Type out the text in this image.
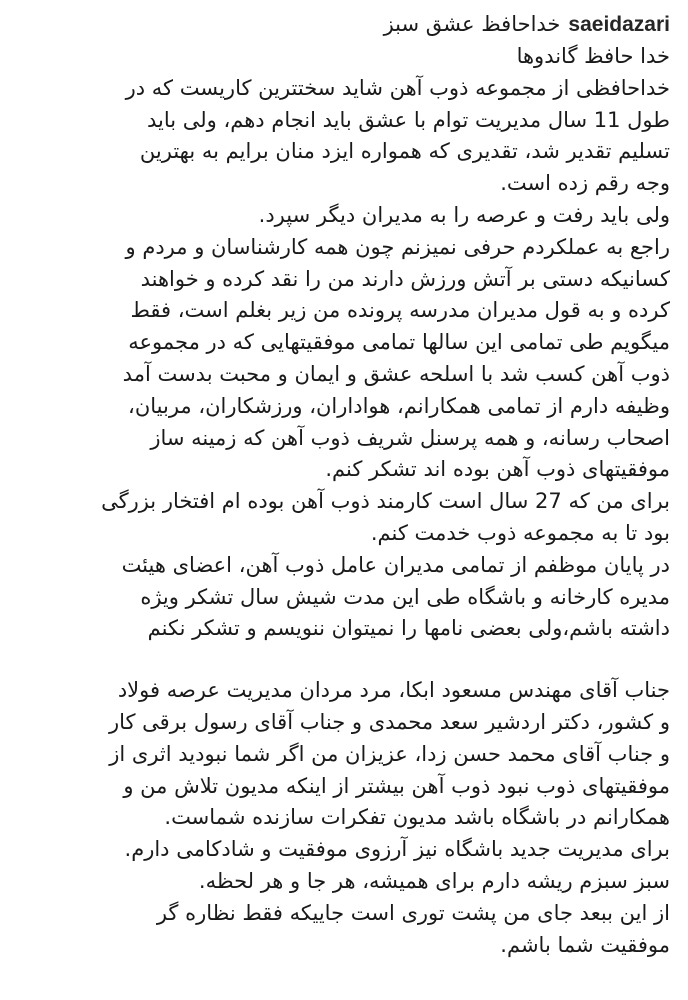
saeidazariخداحافظ عشق سبز
خدا حافظ گاندوها
خداحافظی از مجموعه ذوب آهن شاید سختترین کاریست که در
طول 11 سال مدیریت توام با عشق باید انجام دهم، ولی باید
تسلیم تقدیر شد، تقدیری که همواره ایزد منان برایم به بهترین
وجه رقم زده است.
ولی باید رفت و عرصه را به مدیران دیگر سپرد.
راجع به عملکردم حرفی نمیزنم چون همه کارشناسان و مردم و
کسانیکه دستی بر آتش ورزش دارند من را نقد کرده و خواهند
کرده و به قول مدیران مدرسه پرونده من زیر بغلم است، فقط
میگویم طی تمامی این سالها تمامی موفقیتهایی که در مجموعه
ذوب آهن کسب شد با اسلحه عشق و ایمان و محبت بدست آمد
وظیفه دارم از تمامی همکارانم، هواداران، ورزشکاران، مربیان،
اصحاب رسانه، و همه پرسنل شریف ذوب آهن که زمینه ساز
موفقیتهای ذوب آهن بوده اند تشکر کنم.
برای من که 27 سال است کارمند ذوب آهن بوده ام افتخار بزرگی
بود تا به مجموعه ذوب خدمت کنم.
در پایان موظفم از تمامی مدیران عامل ذوب آهن، اعضای هیئت
مدیره کارخانه و باشگاه طی این مدت شیش سال تشکر ویژه
داشته باشم،ولی بعضی نامها را نمیتوان ننویسم و تشکر نکنم
جناب آقای مهندس مسعود ابکا، مرد مردان مدیریت عرصه فولاد
و کشور، دکتر اردشیر سعد محمدی و جناب آقای رسول برقی کار
و جناب آقای محمد حسن زدا، عزیزان من اگر شما نبودید اثری از
موفقیتهای ذوب نبود ذوب آهن بیشتر از اینکه مدیون تلاش من و
همکارانم در باشگاه باشد مدیون تفکرات سازنده شماست.
برای مدیریت جدید باشگاه نیز آرزوی موفقیت و شادکامی دارم.
سبز سبزم ریشه دارم برای همیشه، هر جا و هر لحظه.
از این ببعد جای من پشت توری است جاییکه فقط نظاره گر
موفقیت شما باشم.
